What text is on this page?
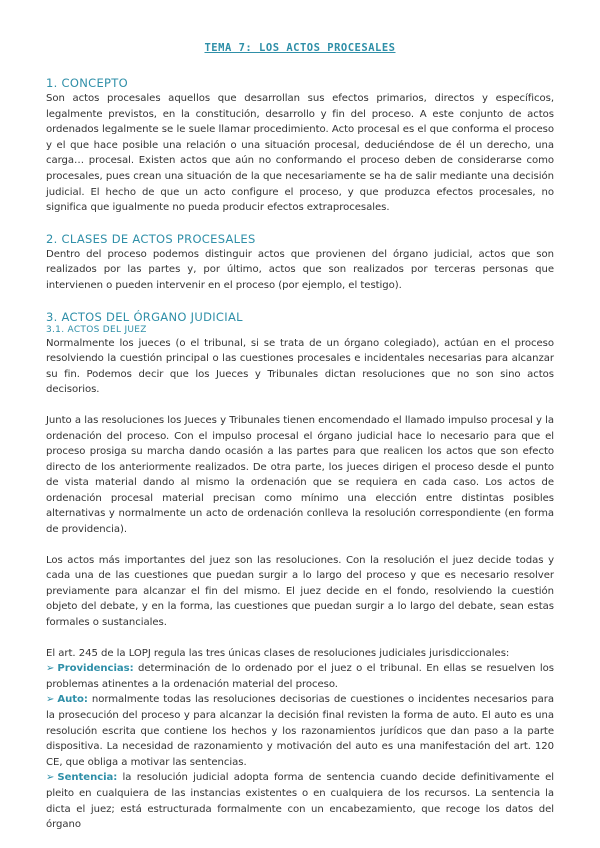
TEMA 7: LOS ACTOS PROCESALES
1. CONCEPTO

Son actos procesales aquellos que desarrollan sus efectos primarios, directos y específicos, legalmente previstos, en la constitución, desarrollo y fin del proceso. A este conjunto de actos ordenados legalmente se le suele llamar procedimiento. Acto procesal es el que conforma el proceso y el que hace posible una relación o una situación procesal, deduciéndose de él un derecho, una carga… procesal. Existen actos que aún no conformando el proceso deben de considerarse como procesales, pues crean una situación de la que necesariamente se ha de salir mediante una decisión judicial. El hecho de que un acto configure el proceso, y que produzca efectos procesales, no significa que igualmente no pueda producir efectos extraprocesales.

2. CLASES DE ACTOS PROCESALES

Dentro del proceso podemos distinguir actos que provienen del órgano judicial, actos que son realizados por las partes y, por último, actos que son realizados por terceras personas que intervienen o pueden intervenir en el proceso (por ejemplo, el testigo).

3. ACTOS DEL ÓRGANO JUDICIAL
3.1. ACTOS DEL JUEZ

Normalmente los jueces (o el tribunal, si se trata de un órgano colegiado), actúan en el proceso resolviendo la cuestión principal o las cuestiones procesales e incidentales necesarias para alcanzar su fin. Podemos decir que los Jueces y Tribunales dictan resoluciones que no son sino actos decisorios.

Junto a las resoluciones los Jueces y Tribunales tienen encomendado el llamado impulso procesal y la ordenación del proceso. Con el impulso procesal el órgano judicial hace lo necesario para que el proceso prosiga su marcha dando ocasión a las partes para que realicen los actos que son efecto directo de los anteriormente realizados. De otra parte, los jueces dirigen el proceso desde el punto de vista material dando al mismo la ordenación que se requiera en cada caso. Los actos de ordenación procesal material precisan como mínimo una elección entre distintas posibles alternativas y normalmente un acto de ordenación conlleva la resolución correspondiente (en forma de providencia).

Los actos más importantes del juez son las resoluciones. Con la resolución el juez decide todas y cada una de las cuestiones que puedan surgir a lo largo del proceso y que es necesario resolver previamente para alcanzar el fin del mismo. El juez decide en el fondo, resolviendo la cuestión objeto del debate, y en la forma, las cuestiones que puedan surgir a lo largo del debate, sean estas formales o sustanciales.

El art. 245 de la LOPJ regula las tres únicas clases de resoluciones judiciales jurisdiccionales:

➢ Providencias: determinación de lo ordenado por el juez o el tribunal. En ellas se resuelven los problemas atinentes a la ordenación material del proceso.
➢ Auto: normalmente todas las resoluciones decisorias de cuestiones o incidentes necesarios para la prosecución del proceso y para alcanzar la decisión final revisten la forma de auto. El auto es una resolución escrita que contiene los hechos y los razonamientos jurídicos que dan paso a la parte dispositiva. La necesidad de razonamiento y motivación del auto es una manifestación del art. 120 CE, que obliga a motivar las sentencias.
➢ Sentencia: la resolución judicial adopta forma de sentencia cuando decide definitivamente el pleito en cualquiera de las instancias existentes o en cualquiera de los recursos. La sentencia la dicta el juez; está estructurada formalmente con un encabezamiento, que recoge los datos del órgano
